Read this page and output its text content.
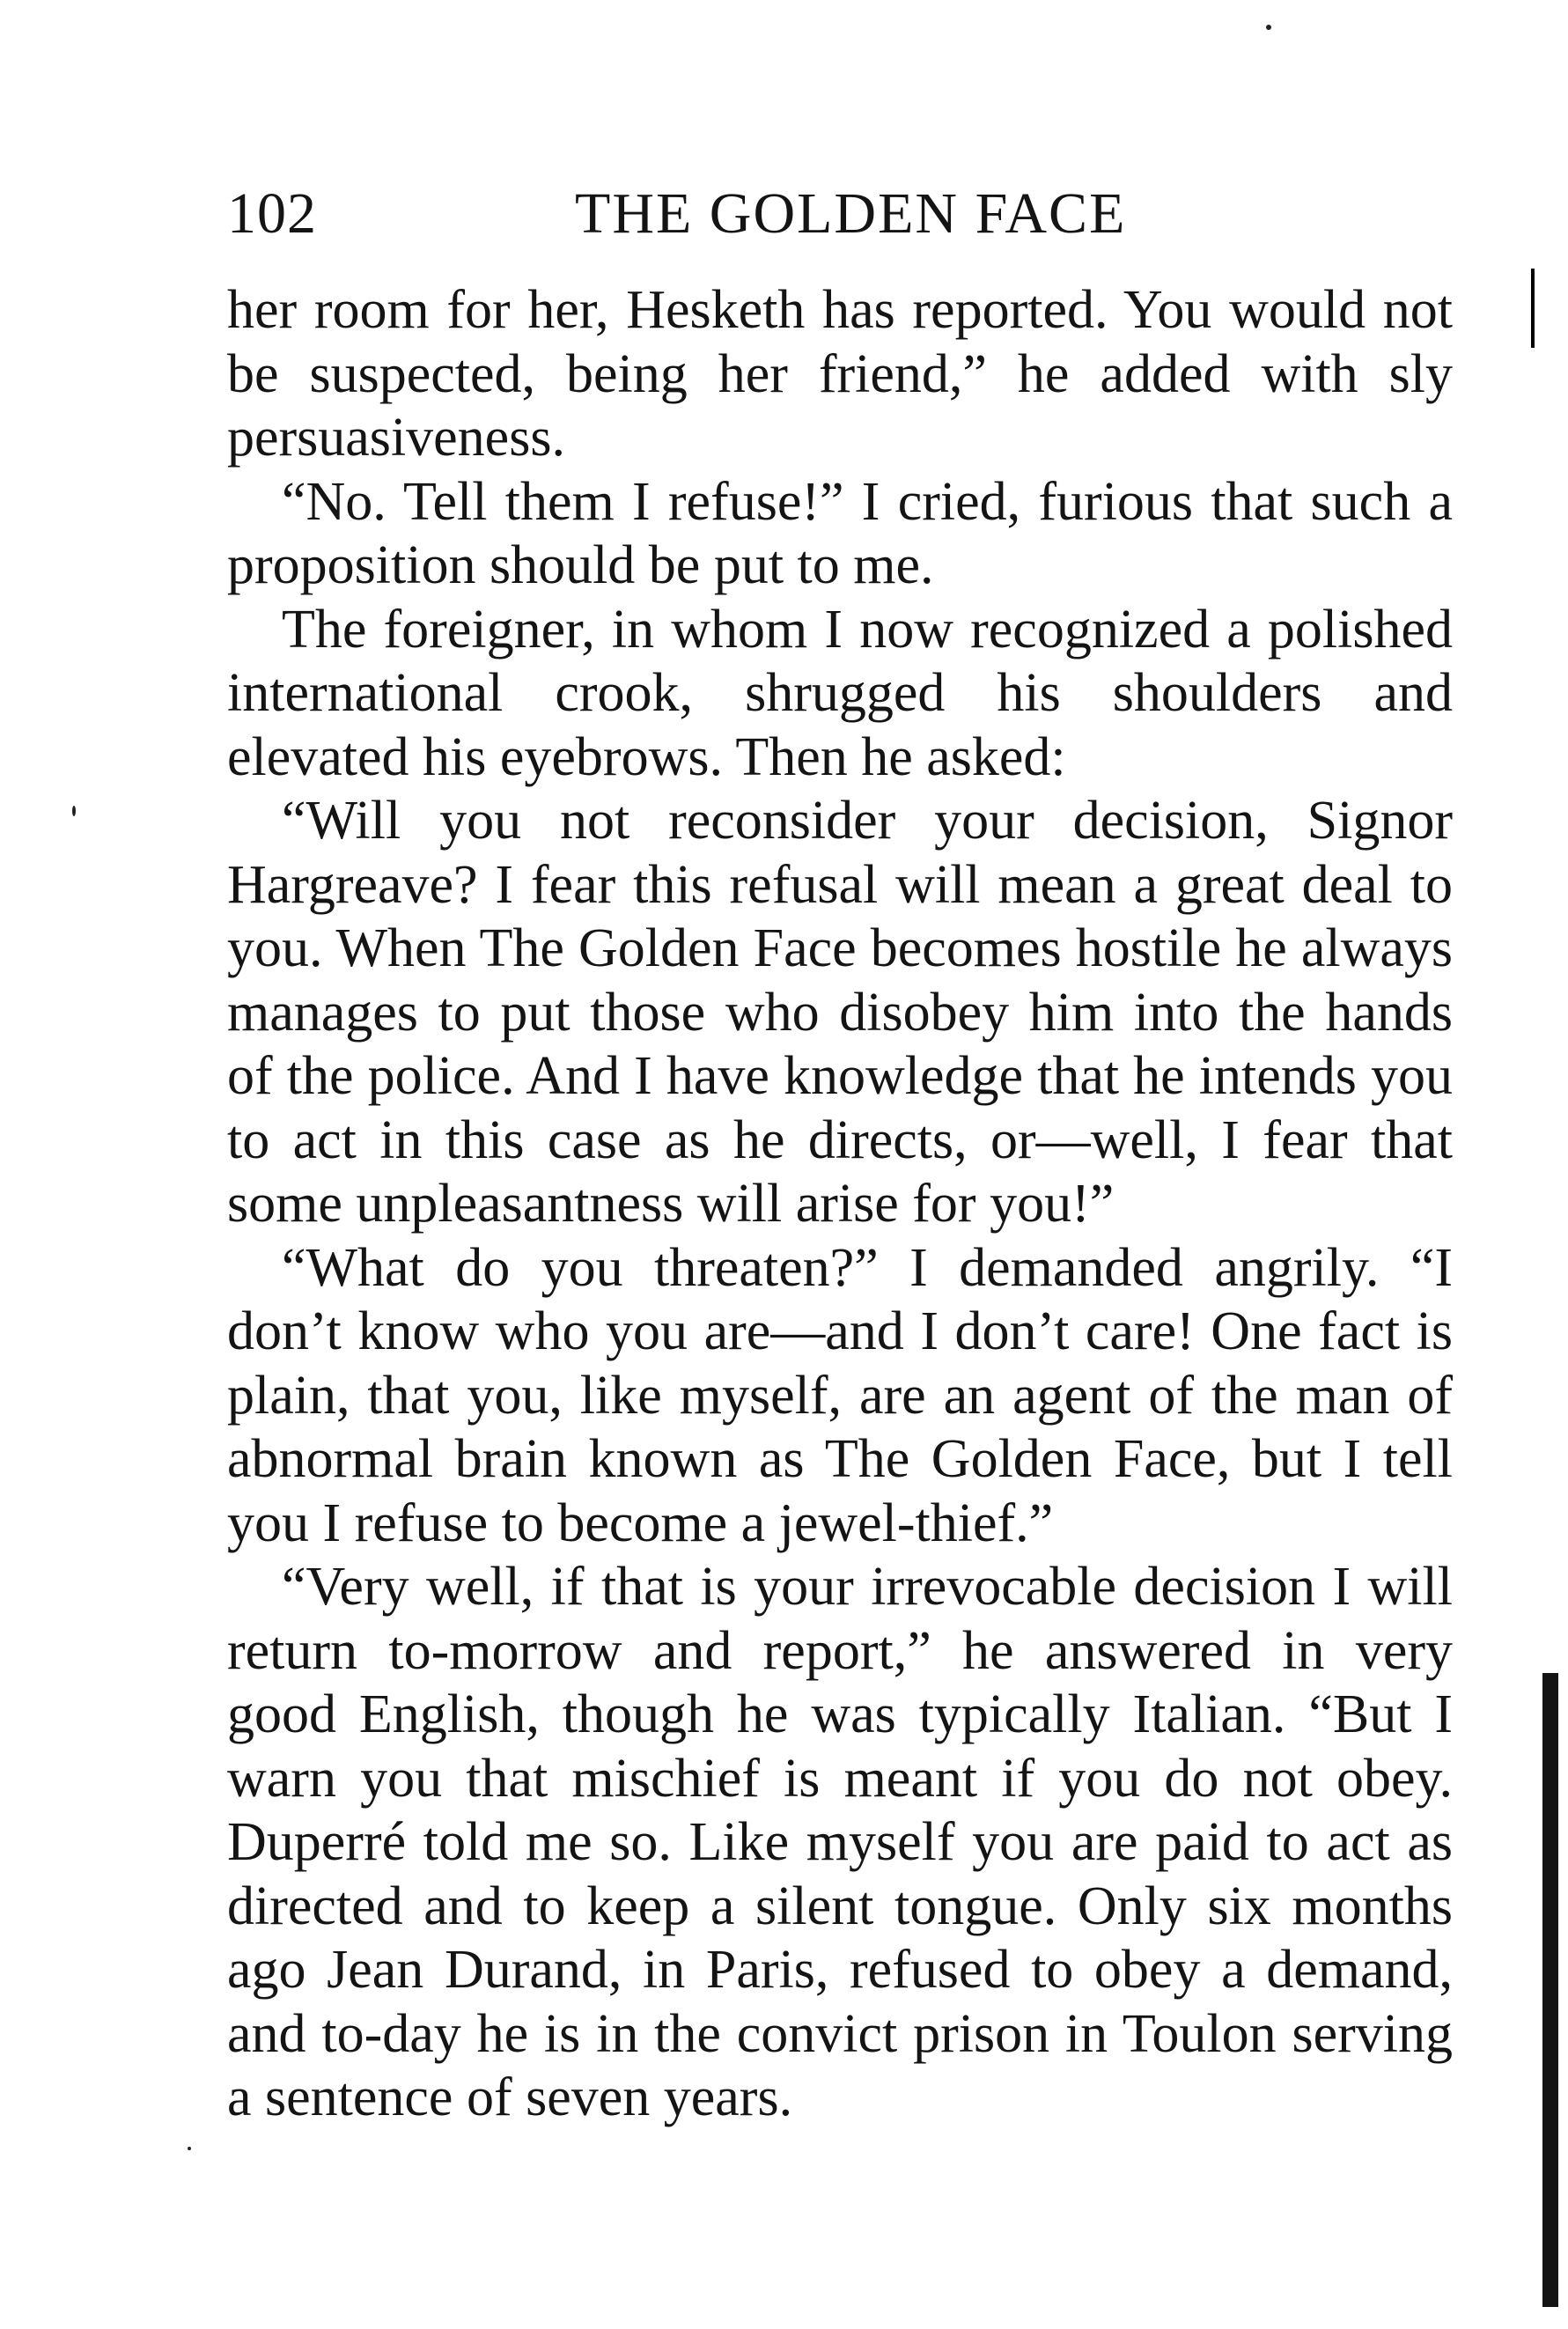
102	THE GOLDEN FACE

her room for her, Hesketh has reported. You would not be suspected, being her friend,” he added with sly persuasiveness.

“No. Tell them I refuse!” I cried, furious that such a proposition should be put to me.

The foreigner, in whom I now recognized a polished international crook, shrugged his shoulders and elevated his eyebrows. Then he asked:

“Will you not reconsider your decision, Signor Hargreave? I fear this refusal will mean a great deal to you. When The Golden Face becomes hostile he always manages to put those who disobey him into the hands of the police. And I have knowledge that he intends you to act in this case as he directs, or—well, I fear that some unpleasantness will arise for you!”

“What do you threaten?” I demanded angrily. “I don’t know who you are—and I don’t care! One fact is plain, that you, like myself, are an agent of the man of abnormal brain known as The Golden Face, but I tell you I refuse to become a jewel-thief.”

“Very well, if that is your irrevocable decision I will return to-morrow and report,” he answered in very good English, though he was typically Italian. “But I warn you that mischief is meant if you do not obey. Duperré told me so. Like myself you are paid to act as directed and to keep a silent tongue. Only six months ago Jean Durand, in Paris, refused to obey a demand, and to-day he is in the convict prison in Toulon serving a sentence of seven years.
